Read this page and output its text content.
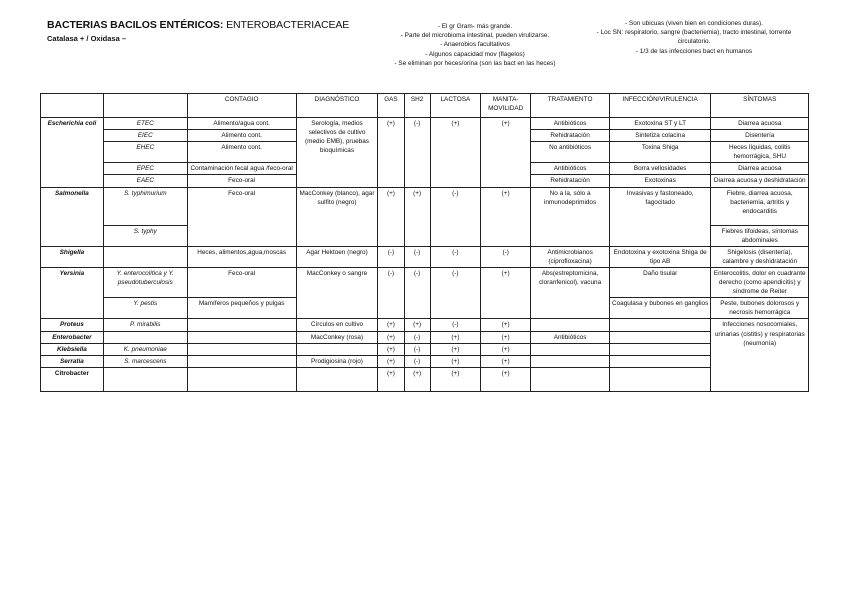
BACTERIAS BACILOS ENTÉRICOS: ENTEROBACTERIACEAE
Catalasa + / Oxidasa –
- El gr Gram- más grande.
- Parte del microbioma intestinal, pueden virulizarse.
- Anaerobios facultativos
- Algunos capacidad mov (flagelos)
- Se eliminan por heces/orina (son las bact en las heces)
- Son ubicuas (viven bien en condiciones duras).
- Loc SN: respiratorio, sangre (bacteriemia), tracto intestinal, torrente circulatorio.
- 1/3 de las infecciones bact en humanos
		CONTAGIO	DIAGNÓSTICO	GAS	SH2	LACTOSA	MANITA-MOVILIDAD	TRATAMIENTO	INFECCIÓN/VIRULENCIA	SÍNTOMAS
Escherichia coli	ETEC	Alimento/agua cont.	Serología, medios selectivos de cultivo (medio EMB), pruebas bioquímicas	(+)	(-)	(+)	(+)	Antibióticos	Exotoxina ST y LT	Diarrea acuosa
	EIEC	Alimento cont.						Rehidratación	Sintetiza colacina	Disentería
	EHEC	Alimento cont.						No antibióticos	Toxina Shiga	Heces líquidas, colitis hemorrágica, SHU
	EPEC	Contaminación fecal agua /feco-oral						Antibióticos	Borra vellosidades	Diarrea acuosa
	EAEC	Feco-oral						Rehidratación	Exotoxinas	Diarrea acuosa y deshidratación
Salmonella	S. typhimurium	Feco-oral	MacConkey (blanco), agar sulfito (negro)	(+)	(+)	(-)	(+)	No a la, sólo a inmunodeprimidos	Invasivas y fastoneado, fagocitado	Fiebre, diarrea acuosa, bacteriemia, artritis y endocarditis
	S. typhy									Fiebres tifoideas, síntomas abdominales
Shigella		Heces, alimentos,agua,moscas	Agar Hektoen (negro)	(-)	(-)	(-)	(-)	Antimicrobianos (ciprofloxacina)	Endotoxina y exotoxina Shiga de tipo AB	Shigelosis (disentería), calambre y deshidratación
Yersinia	Y. enterocolítica y Y. pseudotuberculosis	Feco-oral	MacConkey o sangre	(-)	(-)	(-)	(+)	Abs(estreptomicina, cloranfenicol), vacuna	Daño tisular	Enterocolitis, dolor en cuadrante derecho (como apendicitis) y síndrome de Reiter
	Y. pestis	Mamíferos pequeños y pulgas							Coagulasa y bubones en ganglios	Peste, bubones dolorosos y necrosis hemorrágica
Proteus	P. mirabilis		Círculos en cultivo	(+)	(+)	(-)	(+)			Infecciones nosocomiales, urinarias (cistitis) y respiratorias (neumonía)
Enterobacter			MacConkey (rosa)	(+)	(-)	(+)	(+)	Antibióticos		
Klebsiella	K. pneumoniae			(+)	(-)	(+)	(+)			
Serratia	S. marcescens		Prodigiosina (rojo)	(+)	(-)	(+)	(+)			
Citrobacter				(+)	(+)	(+)	(+)			
